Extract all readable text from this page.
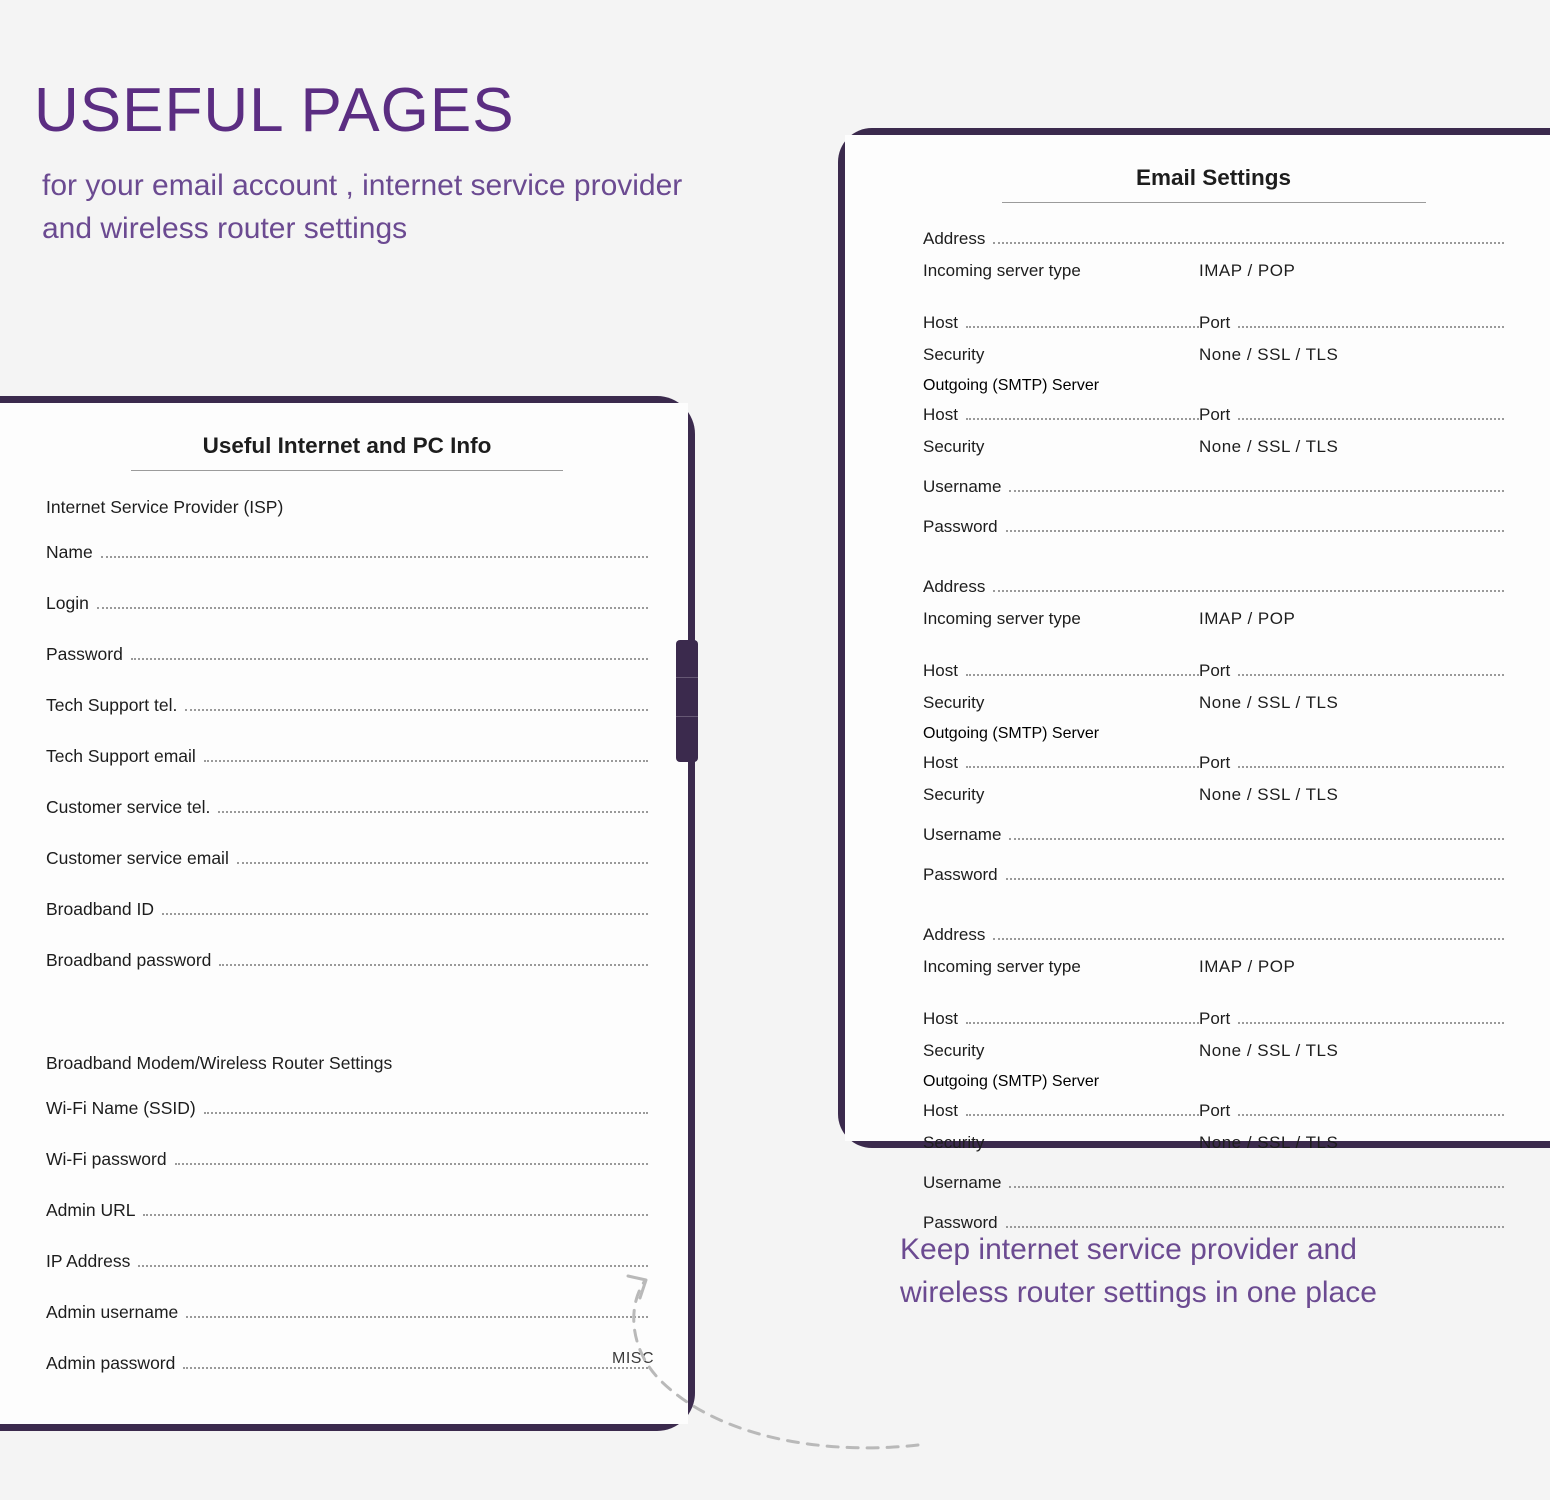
USEFUL PAGES

for your email account , internet service provider and wireless router settings

Email Settings
Address
Incoming server type	IMAP / POP
Host	Port
Security	None / SSL / TLS
Outgoing (SMTP) Server
Host	Port
Security	None / SSL / TLS
Username
Password
Address
Incoming server type	IMAP / POP
Host	Port
Security	None / SSL / TLS
Outgoing (SMTP) Server
Host	Port
Security	None / SSL / TLS
Username
Password
Address
Incoming server type	IMAP / POP
Host	Port
Security	None / SSL / TLS
Outgoing (SMTP) Server
Host	Port
Security	None / SSL / TLS
Username
Password
Useful Internet and PC Info
Internet Service Provider (ISP)
Name
Login
Password
Tech Support tel.
Tech Support email
Customer service tel.
Customer service email
Broadband ID
Broadband password
Broadband Modem/Wireless Router Settings
Wi-Fi Name (SSID)
Wi-Fi password
Admin URL
IP Address
Admin username
Admin password	MISC
Keep internet service provider and wireless router settings in one place
